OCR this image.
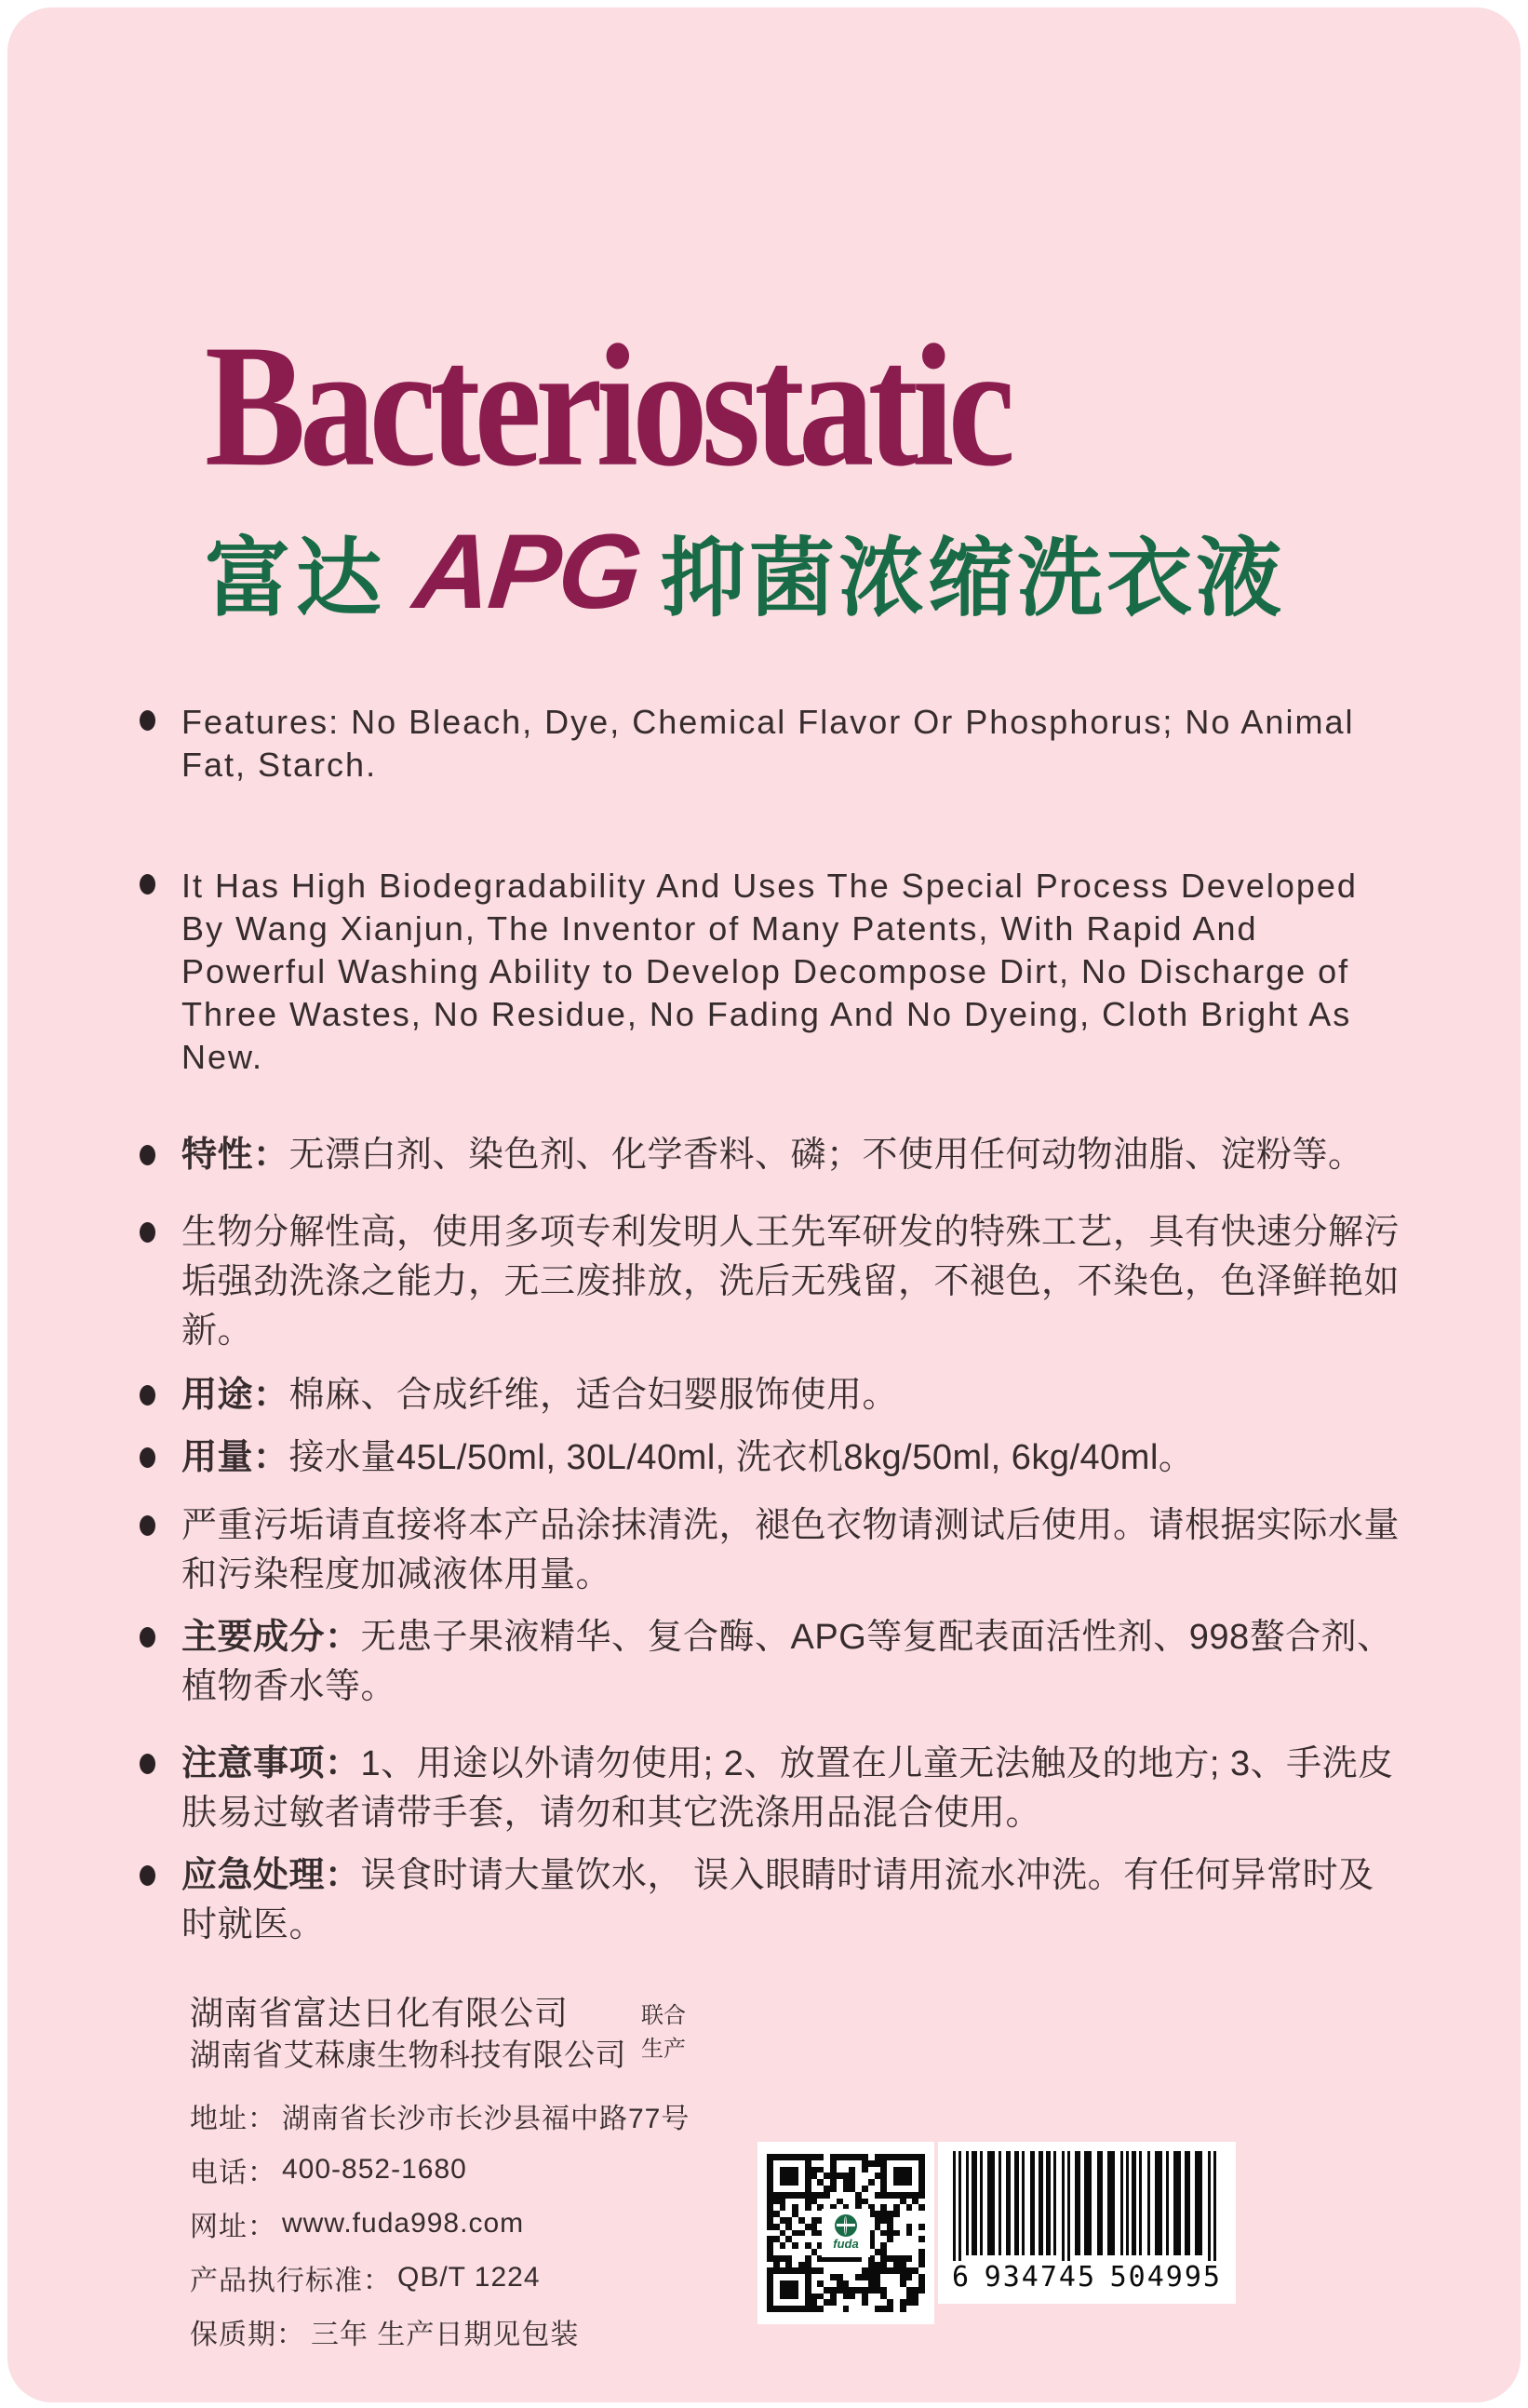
Bacteriostatic
富达 APG 抑菌浓缩洗衣液

Features: No Bleach, Dye, Chemical Flavor Or Phosphorus; No Animal Fat, Starch.

It Has High Biodegradability And Uses The Special Process Developed By Wang Xianjun, The Inventor of Many Patents, With Rapid And Powerful Washing Ability to Develop Decompose Dirt, No Discharge of Three Wastes, No Residue, No Fading And No Dyeing, Cloth Bright As New.

特性：无漂白剂、染色剂、化学香料、磷；不使用任何动物油脂、淀粉等。

生物分解性高，使用多项专利发明人王先军研发的特殊工艺，具有快速分解污垢强劲洗涤之能力，无三废排放，洗后无残留，不褪色，不染色，色泽鲜艳如新。

用途：棉麻、合成纤维，适合妇婴服饰使用。

用量：接水量45L/50ml, 30L/40ml, 洗衣机8kg/50ml, 6kg/40ml。

严重污垢请直接将本产品涂抹清洗，褪色衣物请测试后使用。请根据实际水量和污染程度加减液体用量。

主要成分：无患子果液精华、复合酶、APG等复配表面活性剂、998螯合剂、植物香水等。

注意事项：1、用途以外请勿使用; 2、放置在儿童无法触及的地方; 3、手洗皮肤易过敏者请带手套，请勿和其它洗涤用品混合使用。

应急处理：误食时请大量饮水， 误入眼睛时请用流水冲洗。有任何异常时及时就医。

湖南省富达日化有限公司
湖南省艾菻康生物科技有限公司
联合
生产
地址： 湖南省长沙市长沙县福中路77号
电话： 400-852-1680
网址： www.fuda998.com
产品执行标准： QB/T 1224
保质期： 三年 生产日期见包装
fuda
6 934745 504995
